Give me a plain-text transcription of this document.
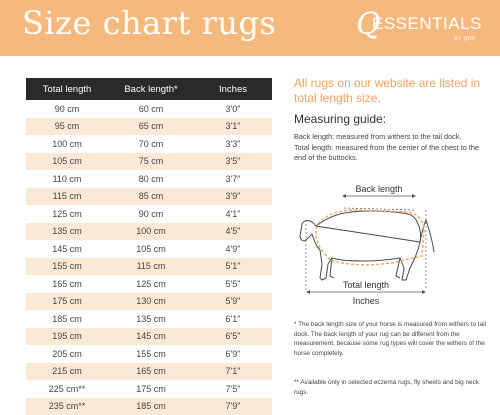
Size chart rugs	Q
ESSENTIALS
BY QHP
Total length	Back length*	Inches
90 cm	60 cm	3'0"
95 cm	65 cm	3'1"
100 cm	70 cm	3'3"
105 cm	75 cm	3'5"
110 cm	80 cm	3'7"
115 cm	85 cm	3'9"
125 cm	90 cm	4'1"
135 cm	100 cm	4'5"
145 cm	105 cm	4'9"
155 cm	115 cm	5'1"
165 cm	125 cm	5'5"
175 cm	130 cm	5'9"
185 cm	135 cm	6'1"
195 cm	145 cm	6'5"
205 cm	155 cm	6'9"
215 cm	165 cm	7'1"
225 cm**	175 cm	7'5"
235 cm**	185 cm	7'9"
All rugs on our website are listed in total length size.
Measuring guide:

Back length: measured from withers to the tail dock.

Total length: measured from the center of the chest to the end of the buttocks.

Back length
Total length
Inches
* The back length size of your horse is measured from withers to tail dock. The back length of your rug can be different from the measurement, because some rug types will cover the withers of the horse completely.
** Available only in selected eczema rugs, fly sheets and big neck rugs.
